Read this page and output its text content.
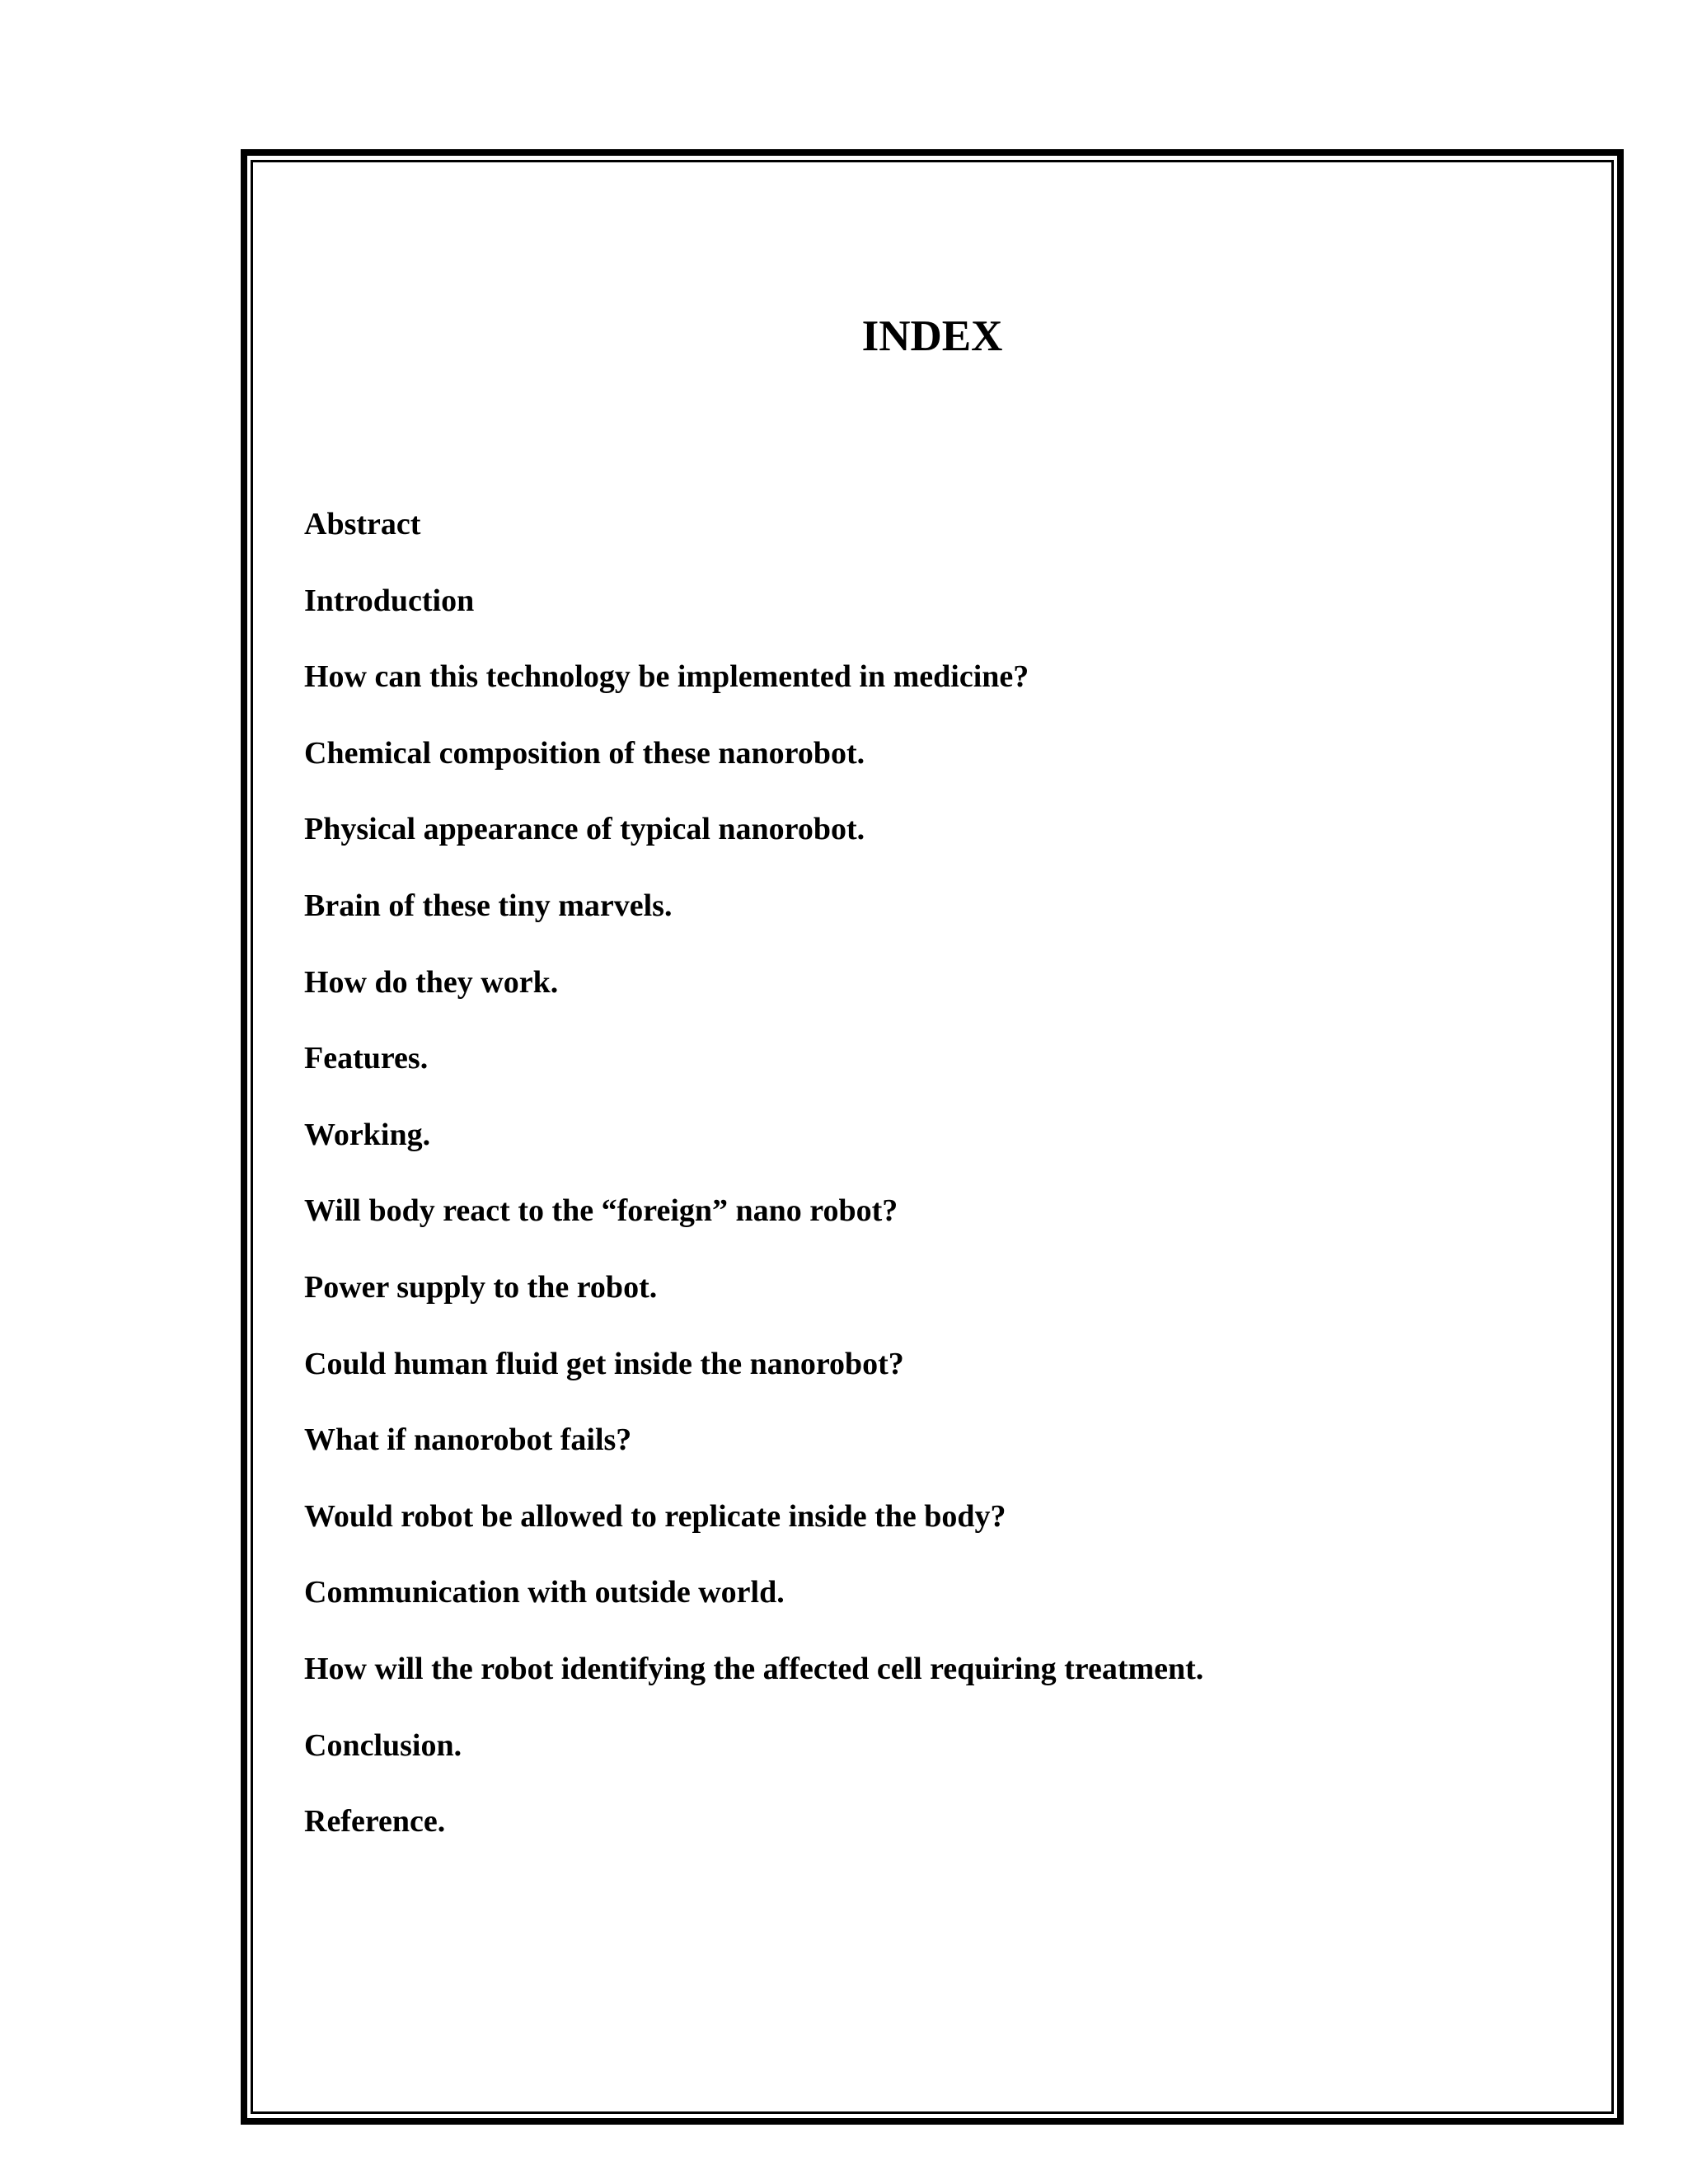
INDEX
Abstract
Introduction
How can this technology be implemented in medicine?
Chemical composition of these nanorobot.
Physical appearance of typical nanorobot.
Brain of these tiny marvels.
How do they work.
Features.
Working.
Will body react to the “foreign” nano robot?
Power supply to the robot.
Could human fluid get inside the nanorobot?
What if nanorobot fails?
Would robot be allowed to replicate inside the body?
Communication with outside world.
How will the robot identifying the affected cell requiring treatment.
Conclusion.
Reference.
